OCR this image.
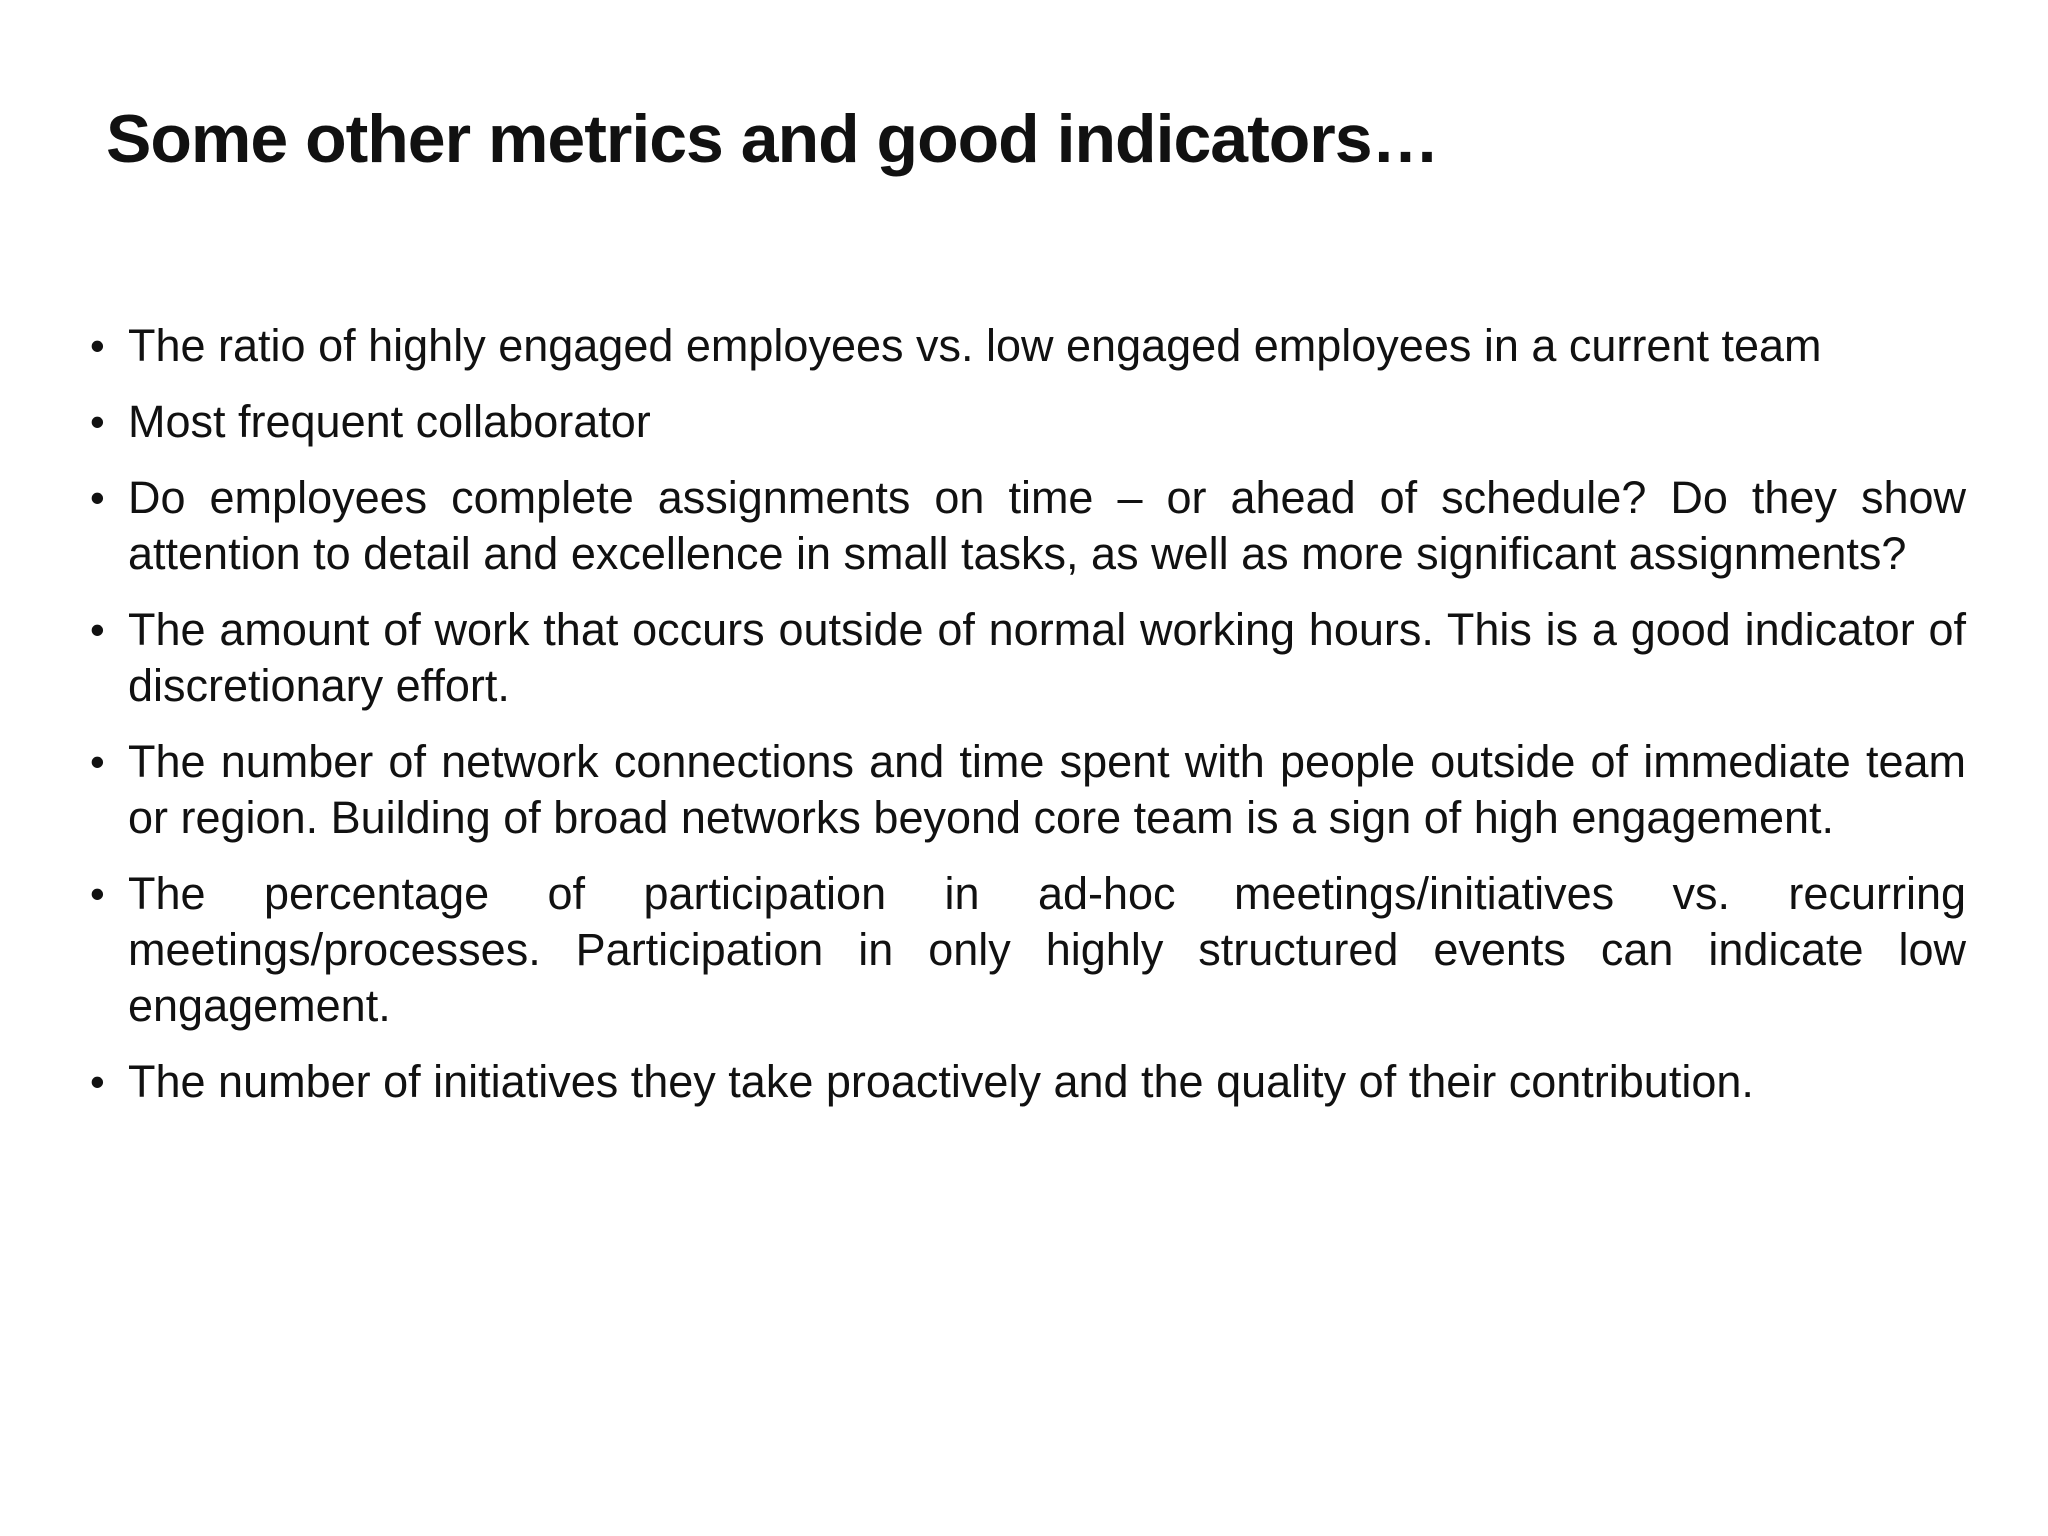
Some other metrics and good indicators…
• The ratio of highly engaged employees vs. low engaged employees in a current team
• Most frequent collaborator
• Do employees complete assignments on time – or ahead of schedule? Do they show attention to detail and excellence in small tasks, as well as more significant assignments?
• The amount of work that occurs outside of normal working hours. This is a good indicator of discretionary effort.
• The number of network connections and time spent with people outside of immediate team or region. Building of broad networks beyond core team is a sign of high engagement.
• The percentage of participation in ad-hoc meetings/initiatives vs. recurring meetings/processes. Participation in only highly structured events can indicate low engagement.
• The number of initiatives they take proactively and the quality of their contribution.
